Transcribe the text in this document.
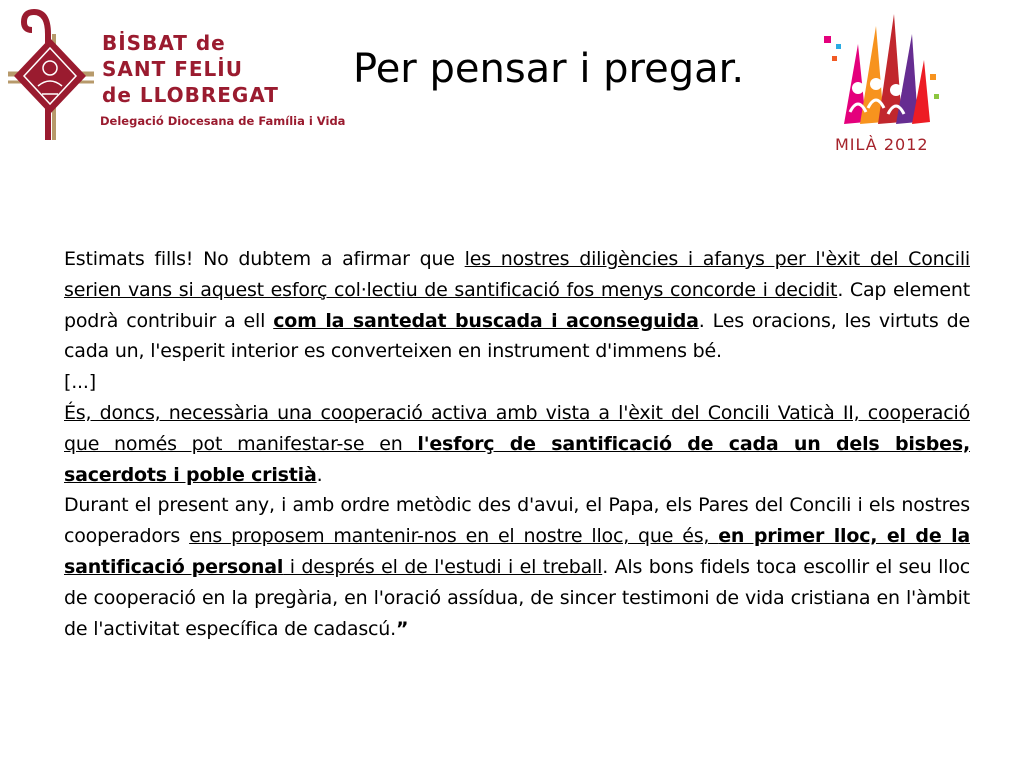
BİSBAT de
SANT FELİU
de LLOBREGAT
Delegació Diocesana de Família i Vida
Per pensar i pregar.
MILÀ 2012

Estimats fills! No dubtem a afirmar que les nostres diligències i afanys per l'èxit del Concili serien vans si aquest esforç col·lectiu de santificació fos menys concorde i decidit. Cap element podrà contribuir a ell com la santedat buscada i aconseguida. Les oracions, les virtuts de cada un, l'esperit interior es converteixen en instrument d'immens bé.

[...]

És, doncs, necessària una cooperació activa amb vista a l'èxit del Concili Vaticà II, cooperació que només pot manifestar-se en l'esforç de santificació de cada un dels bisbes, sacerdots i poble cristià.

Durant el present any, i amb ordre metòdic des d'avui, el Papa, els Pares del Concili i els nostres cooperadors ens proposem mantenir-nos en el nostre lloc, que és, en primer lloc, el de la santificació personal i després el de l'estudi i el treball. Als bons fidels toca escollir el seu lloc de cooperació en la pregària, en l'oració assídua, de sincer testimoni de vida cristiana en l'àmbit de l'activitat específica de cadascú.”
